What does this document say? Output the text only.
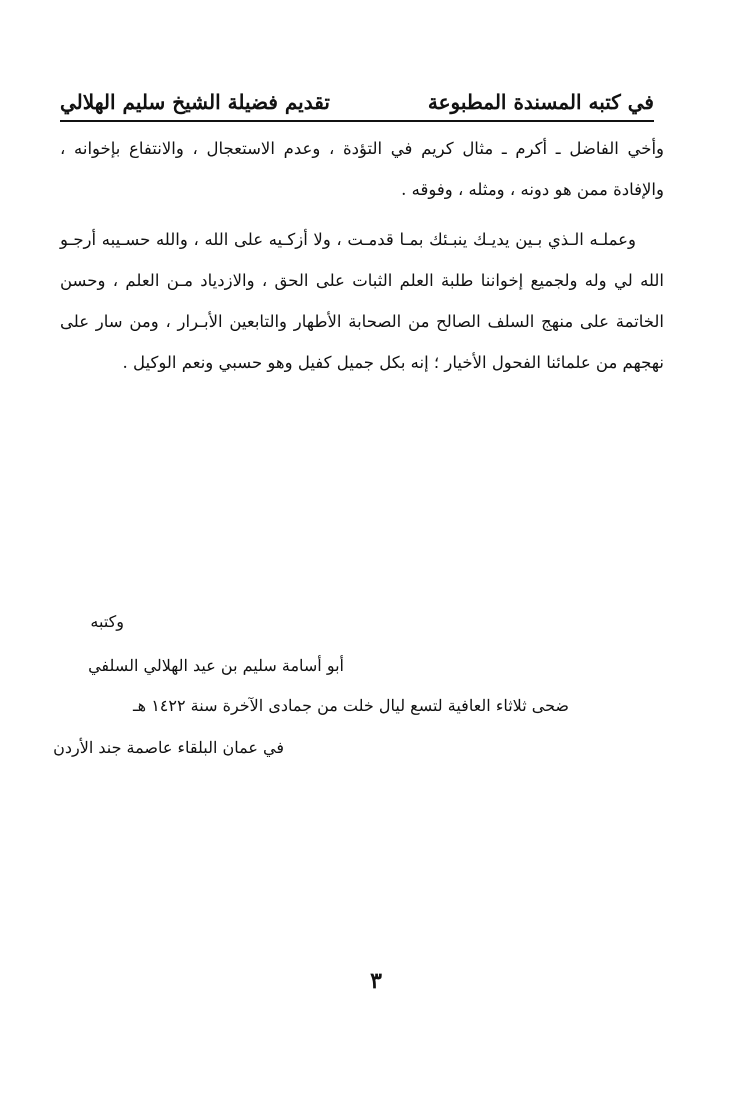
في كتبه المسندة المطبوعة
تقديم فضيلة الشيخ سليم الهلالي

وأخي الفاضل ـ أكرم ـ مثال كريم في التؤدة ، وعدم الاستعجال ، والانتفاع بإخوانه ، والإفادة ممن هو دونه ، ومثله ، وفوقه .

وعملـه الـذي بـين يديـك ينبـئك بمـا قدمـت ، ولا أزكـيه على الله ، والله حسـيبه أرجـو الله لي وله ولجميع إخواننا طلبة العلم الثبات على الحق ، والازدياد مـن العلم ، وحسن الخاتمة على منهج السلف الصالح من الصحابة الأطهار والتابعين الأبـرار ، ومن سار على نهجهم من علمائنا الفحول الأخيار ؛ إنه بكل جميل كفيل وهو حسبي ونعم الوكيل .

وكتبه
أبو أسامة سليم بن عيد الهلالي السلفي
ضحى ثلاثاء العافية لتسع ليال خلت من جمادى الآخرة سنة ١٤٢٢ هـ
في عمان البلقاء عاصمة جند الأردن
٣
